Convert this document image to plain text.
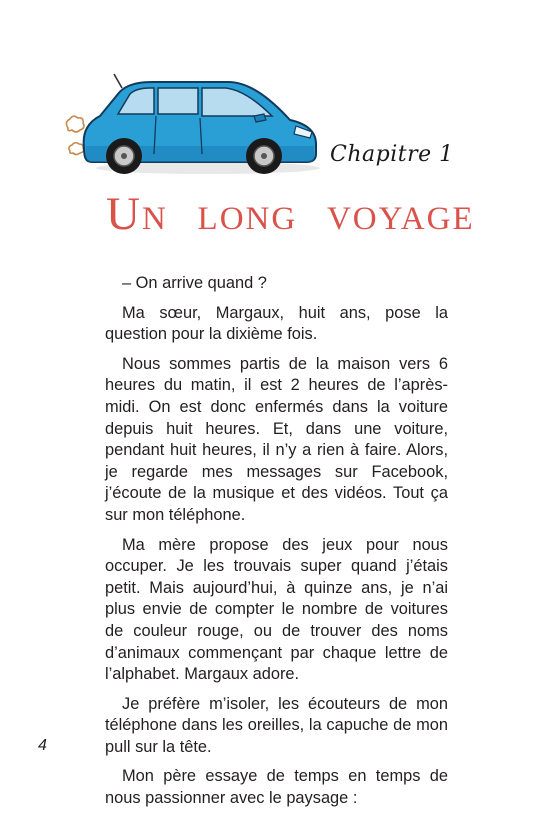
Chapitre 1
Un long voyage

– On arrive quand ?

Ma sœur, Margaux, huit ans, pose la question pour la dixième fois.

Nous sommes partis de la maison vers 6 heures du matin, il est 2 heures de l’après-midi. On est donc enfermés dans la voiture depuis huit heures. Et, dans une voiture, pendant huit heures, il n’y a rien à faire. Alors, je regarde mes messages sur Facebook, j’écoute de la musique et des vidéos. Tout ça sur mon téléphone.

Ma mère propose des jeux pour nous occuper. Je les trouvais super quand j’étais petit. Mais aujourd’hui, à quinze ans, je n’ai plus envie de compter le nombre de voitures de couleur rouge, ou de trouver des noms d’animaux commençant par chaque lettre de l’alphabet. Margaux adore.

Je préfère m’isoler, les écouteurs de mon téléphone dans les oreilles, la capuche de mon pull sur la tête.

Mon père essaye de temps en temps de nous passionner avec le paysage :

4
